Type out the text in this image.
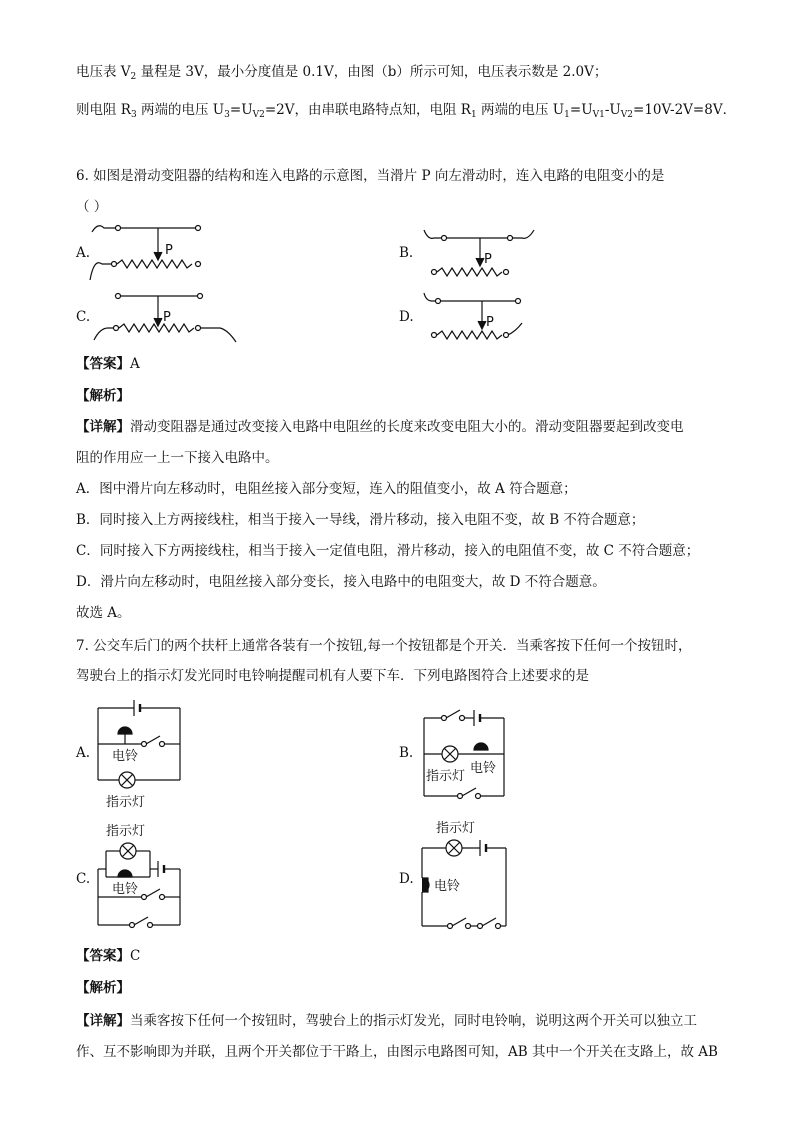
电压表 $V_2$ 量程是 3V，最小分度值是 0.1V，由图（b）所示可知，电压表示数是 2.0V；
则电阻 $R_3$ 两端的电压 $U_3=U_{V2}=2V$，由串联电路特点知，电阻 $R_1$ 两端的电压 $U_1=U_{V1}-U_{V2}=10V-2V=8V$．
6. 如图是滑动变阻器的结构和连入电路的示意图，当滑片 P 向左滑动时，连入电路的电阻变小的是
（ ）
A.	P	B.	P
C.	P	D.	P
【答案】A
【解析】
【详解】滑动变阻器是通过改变接入电路中电阻丝的长度来改变电阻大小的。滑动变阻器要起到改变电
阻的作用应一上一下接入电路中。
A．图中滑片向左移动时，电阻丝接入部分变短，连入的阻值变小，故 A 符合题意；
B．同时接入上方两接线柱，相当于接入一导线，滑片移动，接入电阻不变，故 B 不符合题意；
C．同时接入下方两接线柱，相当于接入一定值电阻，滑片移动，接入的电阻值不变，故 C 不符合题意；
D．滑片向左移动时，电阻丝接入部分变长，接入电路中的电阻变大，故 D 不符合题意。
故选 A。
7. 公交车后门的两个扶杆上通常各装有一个按钮,每一个按钮都是个开关．当乘客按下任何一个按钮时，
驾驶台上的指示灯发光同时电铃响提醒司机有人要下车．下列电路图符合上述要求的是
A. 电铃
指示灯
B.
指示灯
电铃
C.
指示灯
电铃
D.
指示灯
电铃
【答案】C
【解析】
【详解】当乘客按下任何一个按钮时，驾驶台上的指示灯发光，同时电铃响，说明这两个开关可以独立工
作、互不影响即为并联，且两个开关都位于干路上，由图示电路图可知，AB 其中一个开关在支路上，故 AB
